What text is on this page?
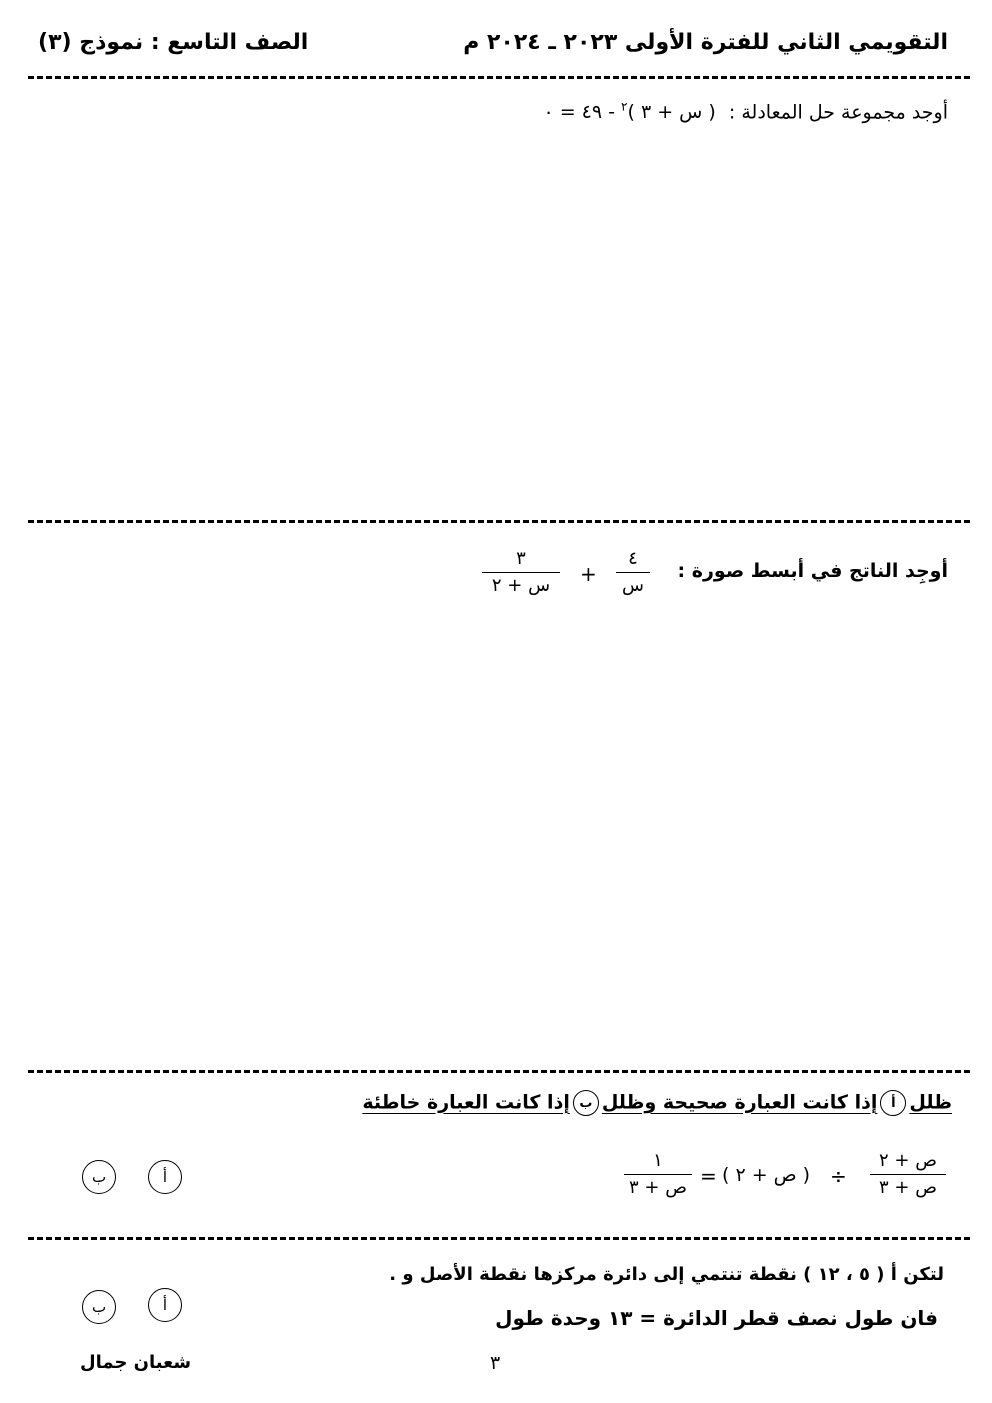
التقويمي الثاني للفترة الأولى ٢٠٢٣ ـ ٢٠٢٤ م
الصف التاسع : نموذج (٣)
أوجد مجموعة حل المعادلة : ( س + ٣ )$^٢$ - ٤٩ = ٠
أوجِد الناتج في أبسط صورة :
٤
س
+
٣
س + ٢
ظللأإذا كانت العبارة صحيحة وظللبإذا كانت العبارة خاطئة
ص + ٢
ص + ٣
÷
( ص + ٢ )
=
١
ص + ٣
أ
ب
لتكن أ ( ٥ ، ١٢ ) نقطة تنتمي إلى دائرة مركزها نقطة الأصل و .
فان طول نصف قطر الدائرة = ١٣ وحدة طول
أ
ب
٣
شعبان جمال
